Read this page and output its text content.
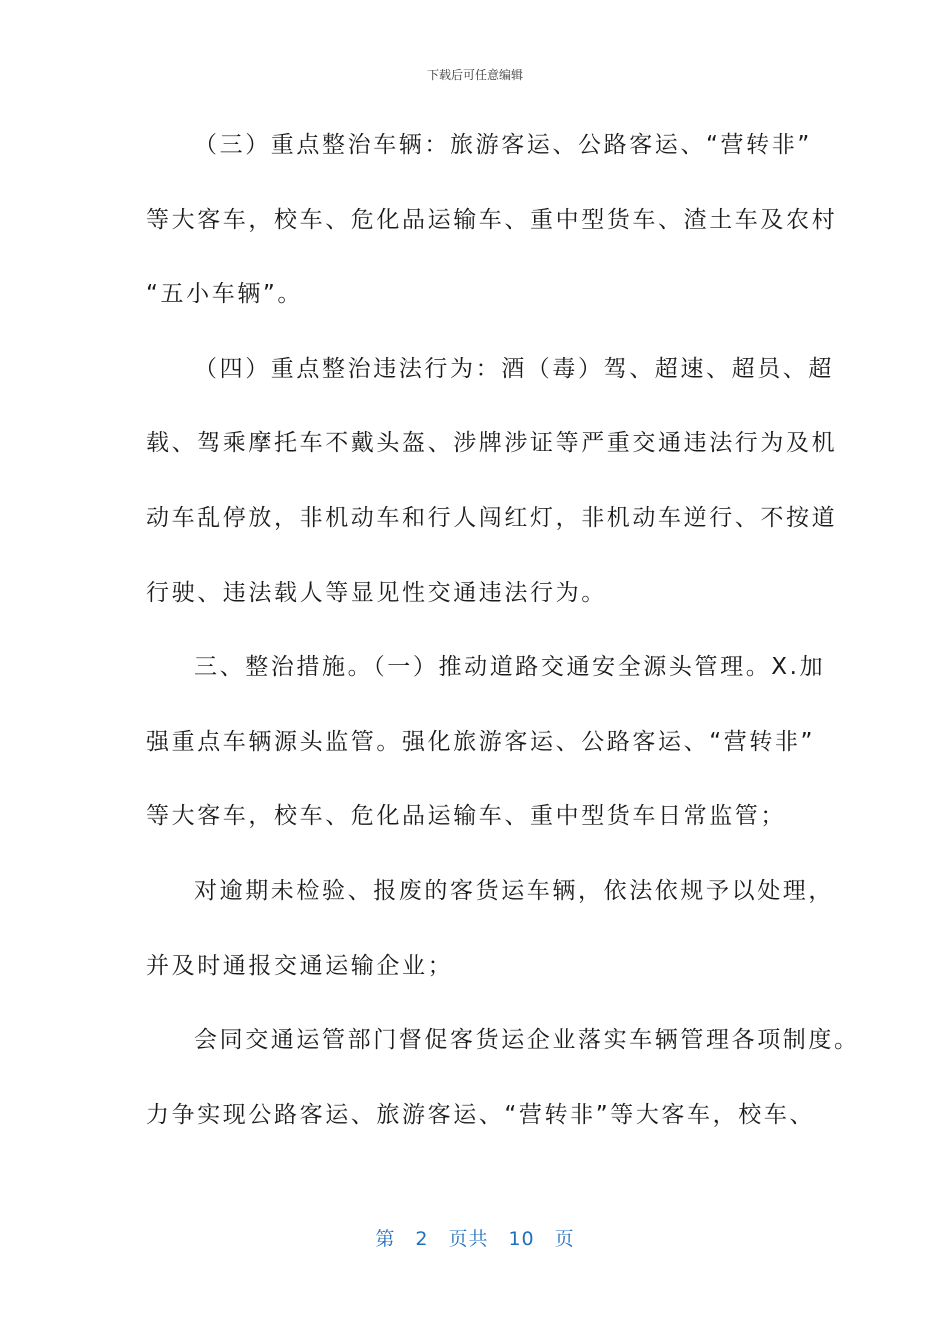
下载后可任意编辑
（三）重点整治车辆：旅游客运、公路客运、“营转非”
等大客车，校车、危化品运输车、重中型货车、渣土车及农村
“五小车辆”。
（四）重点整治违法行为：酒（毒）驾、超速、超员、超
载、驾乘摩托车不戴头盔、涉牌涉证等严重交通违法行为及机
动车乱停放，非机动车和行人闯红灯，非机动车逆行、不按道
行驶、违法载人等显见性交通违法行为。
三、整治措施。（一）推动道路交通安全源头管理。X.加
强重点车辆源头监管。强化旅游客运、公路客运、“营转非”
等大客车，校车、危化品运输车、重中型货车日常监管；
对逾期未检验、报废的客货运车辆，依法依规予以处理，
并及时通报交通运输企业；
会同交通运管部门督促客货运企业落实车辆管理各项制度。
力争实现公路客运、旅游客运、“营转非”等大客车，校车、
第 2 页共 10 页
